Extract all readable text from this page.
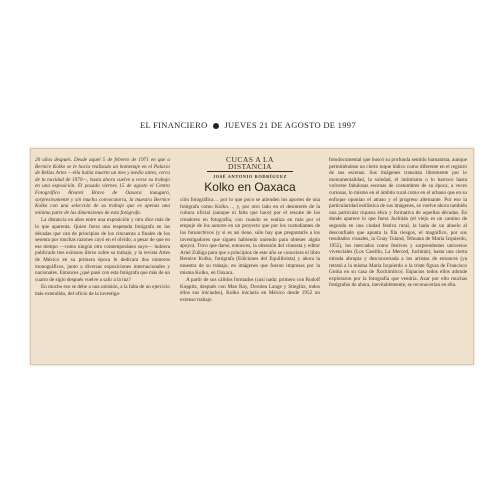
EL FINANCIERO JUEVES 21 DE AGOSTO DE 1997

20 años después. Desde aquel 5 de febrero de 1971 en que a Bernice Kolko se le hacía realizado un homenaje en el Palacio de Bellas Artes —ella había muerto un mes y medio antes, cerca de la navidad de 1970—, hasta ahora vuelve a verse su trabajo en una exposición. El pasado viernes 15 de agosto el Centro Fotográfico Álvarez Bravo de Oaxaca inauguró, sorpresivamente y sin mucha convocatoria, la muestra Bernice Kolko con una selección de su trabajo que es apenas una mínima parte de las dimensiones de esta fotógrafa.

La distancia en años entre una exposición y otra dice más de lo que aparenta. Quien fuera una respetada fotógrafa en las décadas que van de principios de los cincuenta a finales de los sesenta por muchas razones cayó en el olvido; a pesar de que en ese tiempo —como ningún otro contemporáneo suyo— hubiera publicado tres exitosos libros sobre su trabajo, y la revista Artes de México en su primera época le dedicara dos números monográficos, junto a diversas exposiciones internacionales y nacionales. Entonces ¿qué pasó con esta fotógrafa que más de un cuarto de siglo después vuelve a salir a la luz?

En mucho eso se debe a una omisión, a la falta de un ejercicio más extendido, del oficio de la investiga-

CUCAS A LA DISTANCIA
JOSÉ ANTONIO RODRÍGUEZ
Kolko en Oaxaca

ción fotográfica… por lo que poco se atienden los aportes de una fotógrafa como Kolko…, y, por otro lado en el desinterés de la cultura oficial (aunque ni falta que hace) por el rescate de los creadores en fotografía, con cuando se realiza en más por el empuje de los autores en un proyecto que por los custodiantes de los fotoarchivos (y si es así tiene, sólo hay que preguntarle a los investigadores que siguen habiendo uniendo para obtener algún apoyo). Tuvo que darse, entonces, la obsesión del cineasta y editor Ariel Zúñiga para que a principios de este año se conociera el libro Bernice Kolko, fotógrafa (Ediciones del Equilibrista) y ahora la muestra de su trabajo, en imágenes que fueron impresas por la misma Kolko, en Oaxaca.

A partir de sus cálidos formados (casi nada: primero con Rudolf Koppitz, después con Man Ray, Dorotea Lange y Stieglitz, todos ellos sus iniciados), Kolko iniciaría en México desde 1952 un extenso trabajo

fotodocumental que buscó su profunda sentido humanista, aunque permitiéndose un cierto toque lúdico como diferente en el registro de sus escenas. Sus imágenes transitan libremente por lo monumentalidad, la soledad, el intimismo o lo barroco hasta volverse fabulosas escenas de costumbres de su época, a veces curiosas, lo mismo en el ámbito rural como en el urbano que en su enfoque oponían el atraso y el progreso alternante. Por eso la particularidad estilística de sus imágenes, se vuelve ahora también una particular riqueza ética y formativa de aquellas décadas. En donde aparece lo que fuera Juchitán (el viejo es un camino de segunda en una ciudad festiva rural, la hada de un abuelo al desconfiado que apunta la fila riesgos, el magnífico, por sus resultados visuales, la Guay Toland, Tehuana de María Izquierdo, 1955), los mercados como festivos y sorprendentes universos vivenciales (Los Castillo, La Merced, Juchitán), hasta una cierta mirada abrupta y desconcertada a los artistas de entonces (ya retrató a la misma María Izquierdo o la triste figura de Francisco Goitia en su casa de Xochimilco). Espacios todos ellos adonde exploraron por la fotografía que vendría. Azar por ello muchas fotógrafos de ahora, inevitablemente, se reconocerían en ella.
